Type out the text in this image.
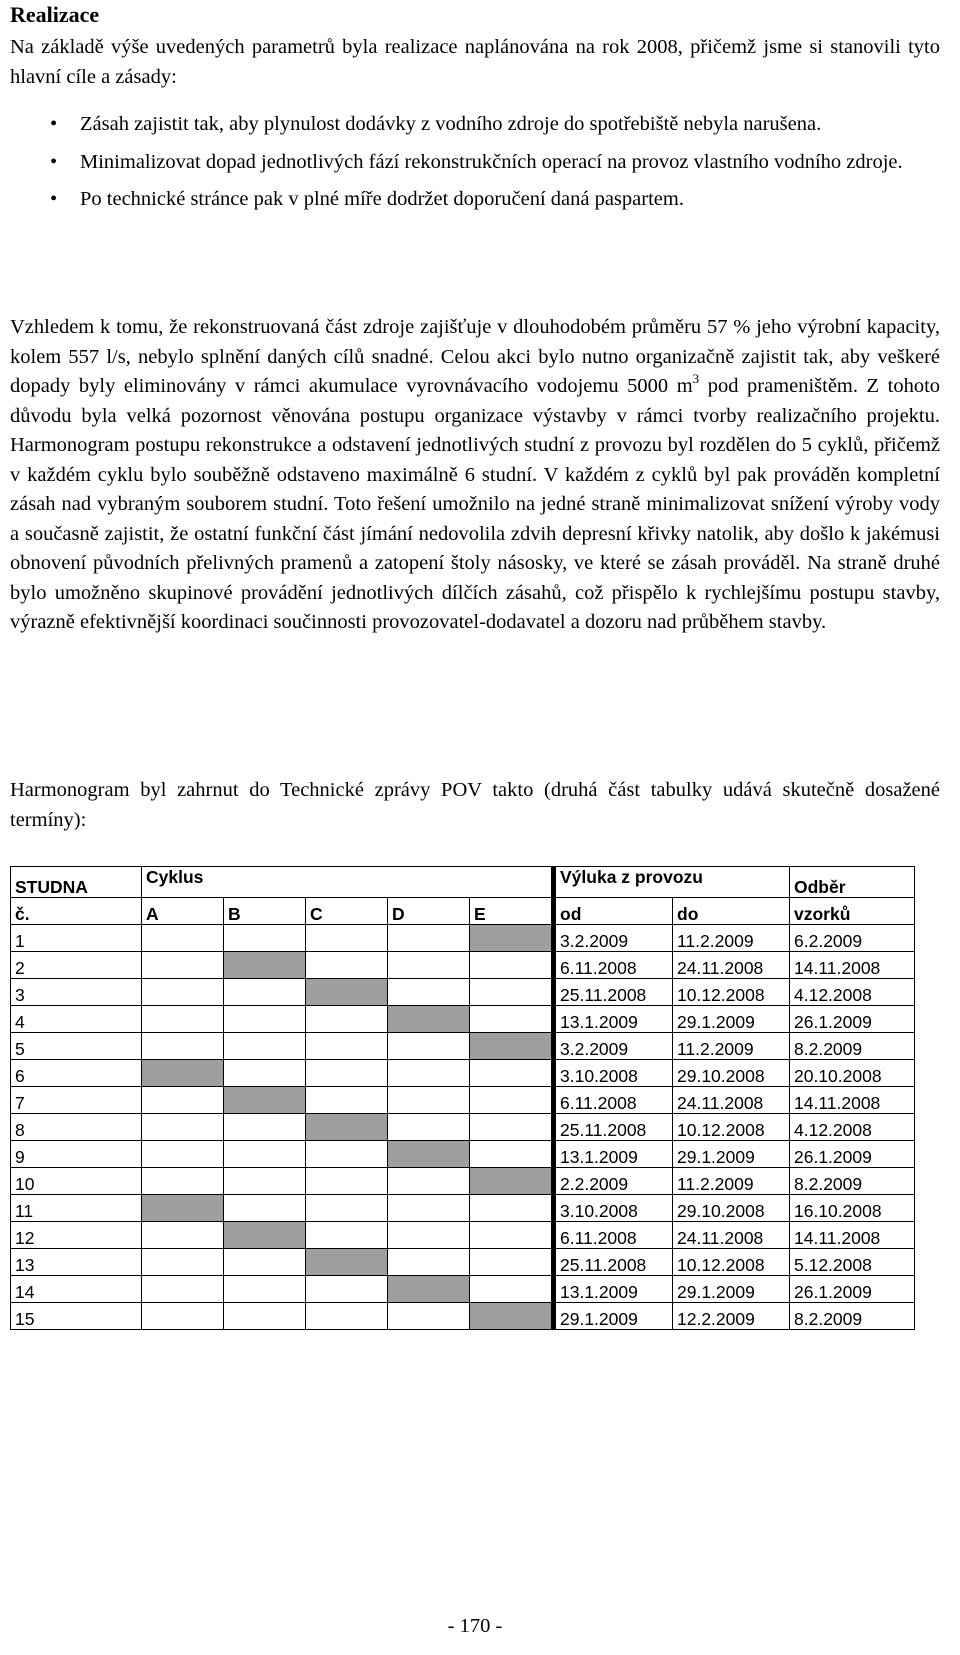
Realizace

Na základě výše uvedených parametrů byla realizace naplánována na rok 2008, přičemž jsme si stanovili tyto hlavní cíle a zásady:

• Zásah zajistit tak, aby plynulost dodávky z vodního zdroje do spotřebiště nebyla narušena.
• Minimalizovat dopad jednotlivých fází rekonstrukčních operací na provoz vlastního vodního zdroje.
• Po technické stránce pak v plné míře dodržet doporučení daná paspartem.

Vzhledem k tomu, že rekonstruovaná část zdroje zajišťuje v dlouhodobém průměru 57 % jeho výrobní kapacity, kolem 557 l/s, nebylo splnění daných cílů snadné. Celou akci bylo nutno organizačně zajistit tak, aby veškeré dopady byly eliminovány v rámci akumulace vyrovnávacího vodojemu 5000 $m^3$ pod prameništěm. Z tohoto důvodu byla velká pozornost věnována postupu organizace výstavby v rámci tvorby realizačního projektu. Harmonogram postupu rekonstrukce a odstavení jednotlivých studní z provozu byl rozdělen do 5 cyklů, přičemž v každém cyklu bylo souběžně odstaveno maximálně 6 studní. V každém z cyklů byl pak prováděn kompletní zásah nad vybraným souborem studní. Toto řešení umožnilo na jedné straně minimalizovat snížení výroby vody a současně zajistit, že ostatní funkční část jímání nedovolila zdvih depresní křivky natolik, aby došlo k jakémusi obnovení původních přelivných pramenů a zatopení štoly násosky, ve které se zásah prováděl. Na straně druhé bylo umožněno skupinové provádění jednotlivých dílčích zásahů, což přispělo k rychlejšímu postupu stavby, výrazně efektivnější koordinaci součinnosti provozovatel-dodavatel a dozoru nad průběhem stavby.

Harmonogram byl zahrnut do Technické zprávy POV takto (druhá část tabulky udává skutečně dosažené termíny):

STUDNA	Cyklus					Výluka z provozu		Odběr
č.	A	B	C	D	E	od	do	vzorků
1						3.2.2009	11.2.2009	6.2.2009
2						6.11.2008	24.11.2008	14.11.2008
3						25.11.2008	10.12.2008	4.12.2008
4						13.1.2009	29.1.2009	26.1.2009
5						3.2.2009	11.2.2009	8.2.2009
6						3.10.2008	29.10.2008	20.10.2008
7						6.11.2008	24.11.2008	14.11.2008
8						25.11.2008	10.12.2008	4.12.2008
9						13.1.2009	29.1.2009	26.1.2009
10						2.2.2009	11.2.2009	8.2.2009
11						3.10.2008	29.10.2008	16.10.2008
12						6.11.2008	24.11.2008	14.11.2008
13						25.11.2008	10.12.2008	5.12.2008
14						13.1.2009	29.1.2009	26.1.2009
15						29.1.2009	12.2.2009	8.2.2009
- 170 -
